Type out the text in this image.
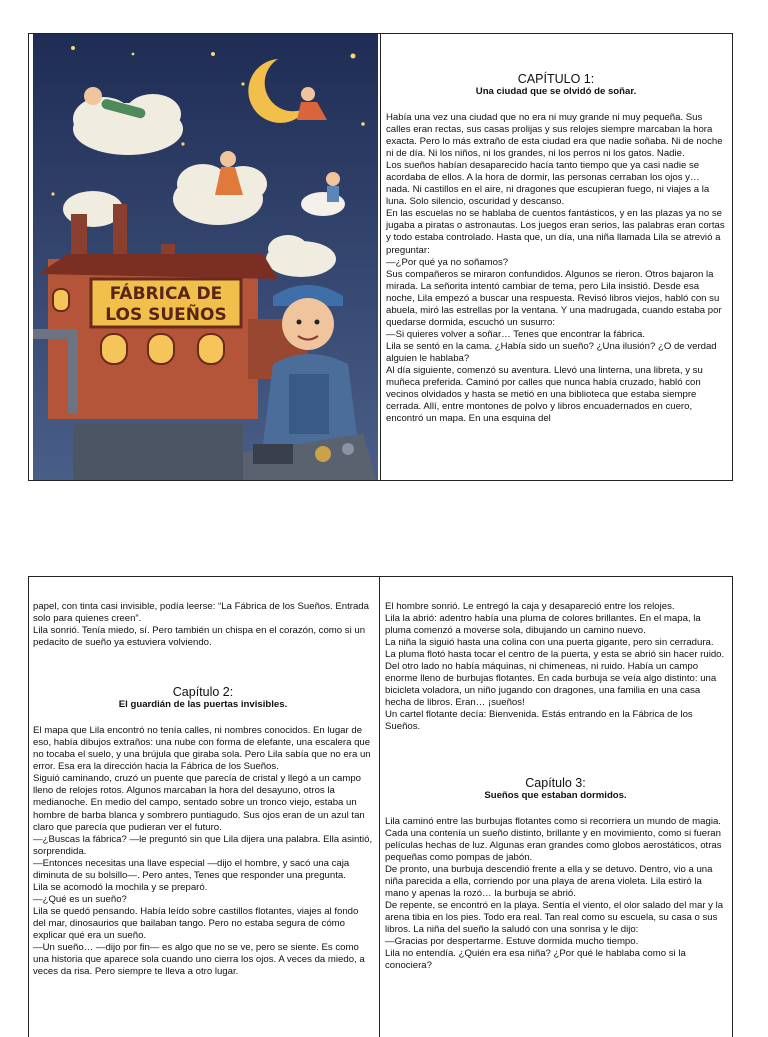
FÁBRICA DE
LOS SUEÑOS
CAPÍTULO 1:
Una ciudad que se olvidó de soñar.

Había una vez una ciudad que no era ni muy grande ni muy pequeña. Sus calles eran rectas, sus casas prolijas y sus relojes siempre marcaban la hora exacta. Pero lo más extraño de esta ciudad era que nadie soñaba. Ni de noche ni de día. Ni los niños, ni los grandes, ni los perros ni los gatos. Nadie.

Los sueños habían desaparecido hacía tanto tiempo que ya casi nadie se acordaba de ellos. A la hora de dormir, las personas cerraban los ojos y… nada. Ni castillos en el aire, ni dragones que escupieran fuego, ni viajes a la luna. Solo silencio, oscuridad y descanso.

En las escuelas no se hablaba de cuentos fantásticos, y en las plazas ya no se jugaba a piratas o astronautas. Los juegos eran serios, las palabras eran cortas y todo estaba controlado. Hasta que, un día, una niña llamada Lila se atrevió a preguntar:

—¿Por qué ya no soñamos?

Sus compañeros se miraron confundidos. Algunos se rieron. Otros bajaron la mirada. La señorita intentó cambiar de tema, pero Lila insistió. Desde esa noche, Lila empezó a buscar una respuesta. Revisó libros viejos, habló con su abuela, miró las estrellas por la ventana. Y una madrugada, cuando estaba por quedarse dormida, escuchó un susurro:

—Si quieres volver a soñar… Tenes que encontrar la fábrica.

Lila se sentó en la cama. ¿Había sido un sueño? ¿Una ilusión? ¿O de verdad alguien le hablaba?

Al día siguiente, comenzó su aventura. Llevó una linterna, una libreta, y su muñeca preferida. Caminó por calles que nunca había cruzado, habló con vecinos olvidados y hasta se metió en una biblioteca que estaba siempre cerrada. Allí, entre montones de polvo y libros encuadernados en cuero, encontró un mapa. En una esquina del

papel, con tinta casi invisible, podía leerse: “La Fábrica de los Sueños. Entrada solo para quienes creen”.

Lila sonrió. Tenía miedo, sí. Pero también un chispa en el corazón, como si un pedacito de sueño ya estuviera volviendo.

Capítulo 2:
El guardián de las puertas invisibles.

El mapa que Lila encontró no tenía calles, ni nombres conocidos. En lugar de eso, había dibujos extraños: una nube con forma de elefante, una escalera que no tocaba el suelo, y una brújula que giraba sola. Pero Lila sabía que no era un error. Esa era la dirección hacia la Fábrica de los Sueños.

Siguió caminando, cruzó un puente que parecía de cristal y llegó a un campo lleno de relojes rotos. Algunos marcaban la hora del desayuno, otros la medianoche. En medio del campo, sentado sobre un tronco viejo, estaba un hombre de barba blanca y sombrero puntiagudo. Sus ojos eran de un azul tan claro que parecía que pudieran ver el futuro.

—¿Buscas la fábrica? —le preguntó sin que Lila dijera una palabra. Ella asintió, sorprendida.

—Entonces necesitas una llave especial —dijo el hombre, y sacó una caja diminuta de su bolsillo—. Pero antes, Tenes que responder una pregunta.

Lila se acomodó la mochila y se preparó.

—¿Qué es un sueño?

Lila se quedó pensando. Había leído sobre castillos flotantes, viajes al fondo del mar, dinosaurios que bailaban tango. Pero no estaba segura de cómo explicar qué era un sueño.

—Un sueño… —dijo por fin— es algo que no se ve, pero se siente. Es como una historia que aparece sola cuando uno cierra los ojos. A veces da miedo, a veces da risa. Pero siempre te lleva a otro lugar.

El hombre sonrió. Le entregó la caja y desapareció entre los relojes.

Lila la abrió: adentro había una pluma de colores brillantes. En el mapa, la pluma comenzó a moverse sola, dibujando un camino nuevo.

La niña la siguió hasta una colina con una puerta gigante, pero sin cerradura. La pluma flotó hasta tocar el centro de la puerta, y esta se abrió sin hacer ruido.

Del otro lado no había máquinas, ni chimeneas, ni ruido. Había un campo enorme lleno de burbujas flotantes. En cada burbuja se veía algo distinto: una bicicleta voladora, un niño jugando con dragones, una familia en una casa hecha de libros. Eran… ¡sueños!

Un cartel flotante decía: Bienvenida. Estás entrando en la Fábrica de los Sueños.

Capítulo 3:
Sueños que estaban dormidos.

Lila caminó entre las burbujas flotantes como si recorriera un mundo de magia. Cada una contenía un sueño distinto, brillante y en movimiento, como si fueran películas hechas de luz. Algunas eran grandes como globos aerostáticos, otras pequeñas como pompas de jabón.

De pronto, una burbuja descendió frente a ella y se detuvo. Dentro, vio a una niña parecida a ella, corriendo por una playa de arena violeta. Lila estiró la mano y apenas la rozó… la burbuja se abrió.

De repente, se encontró en la playa. Sentía el viento, el olor salado del mar y la arena tibia en los pies. Todo era real. Tan real como su escuela, su casa o sus libros. La niña del sueño la saludó con una sonrisa y le dijo:

—Gracias por despertarme. Estuve dormida mucho tiempo.

Lila no entendía. ¿Quién era esa niña? ¿Por qué le hablaba como si la conociera?
